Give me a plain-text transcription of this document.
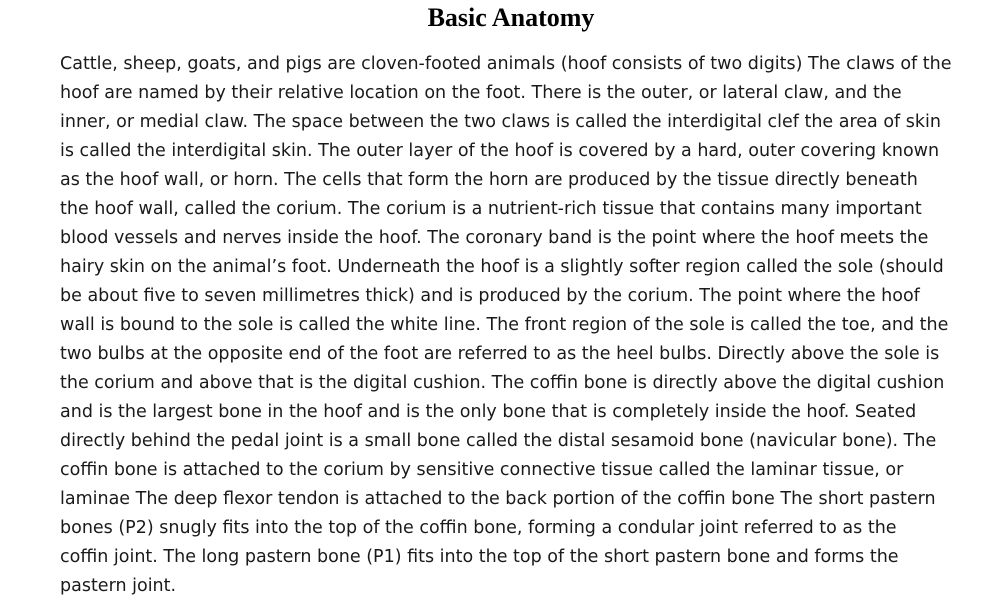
Basic Anatomy
Cattle, sheep, goats, and pigs are cloven-footed animals (hoof consists of two digits) The claws of the
hoof are named by their relative location on the foot. There is the outer, or lateral claw, and the
inner, or medial claw. The space between the two claws is called the interdigital clef the area of skin
is called the interdigital skin. The outer layer of the hoof is covered by a hard, outer covering known
as the hoof wall, or horn. The cells that form the horn are produced by the tissue directly beneath
the hoof wall, called the corium. The corium is a nutrient-rich tissue that contains many important
blood vessels and nerves inside the hoof. The coronary band is the point where the hoof meets the
hairy skin on the animal’s foot. Underneath the hoof is a slightly softer region called the sole (should
be about five to seven millimetres thick) and is produced by the corium. The point where the hoof
wall is bound to the sole is called the white line. The front region of the sole is called the toe, and the
two bulbs at the opposite end of the foot are referred to as the heel bulbs. Directly above the sole is
the corium and above that is the digital cushion. The coffin bone is directly above the digital cushion
and is the largest bone in the hoof and is the only bone that is completely inside the hoof. Seated
directly behind the pedal joint is a small bone called the distal sesamoid bone (navicular bone). The
coffin bone is attached to the corium by sensitive connective tissue called the laminar tissue, or
laminae The deep flexor tendon is attached to the back portion of the coffin bone The short pastern
bones (P2) snugly fits into the top of the coffin bone, forming a condular joint referred to as the
coffin joint. The long pastern bone (P1) fits into the top of the short pastern bone and forms the
pastern joint.
